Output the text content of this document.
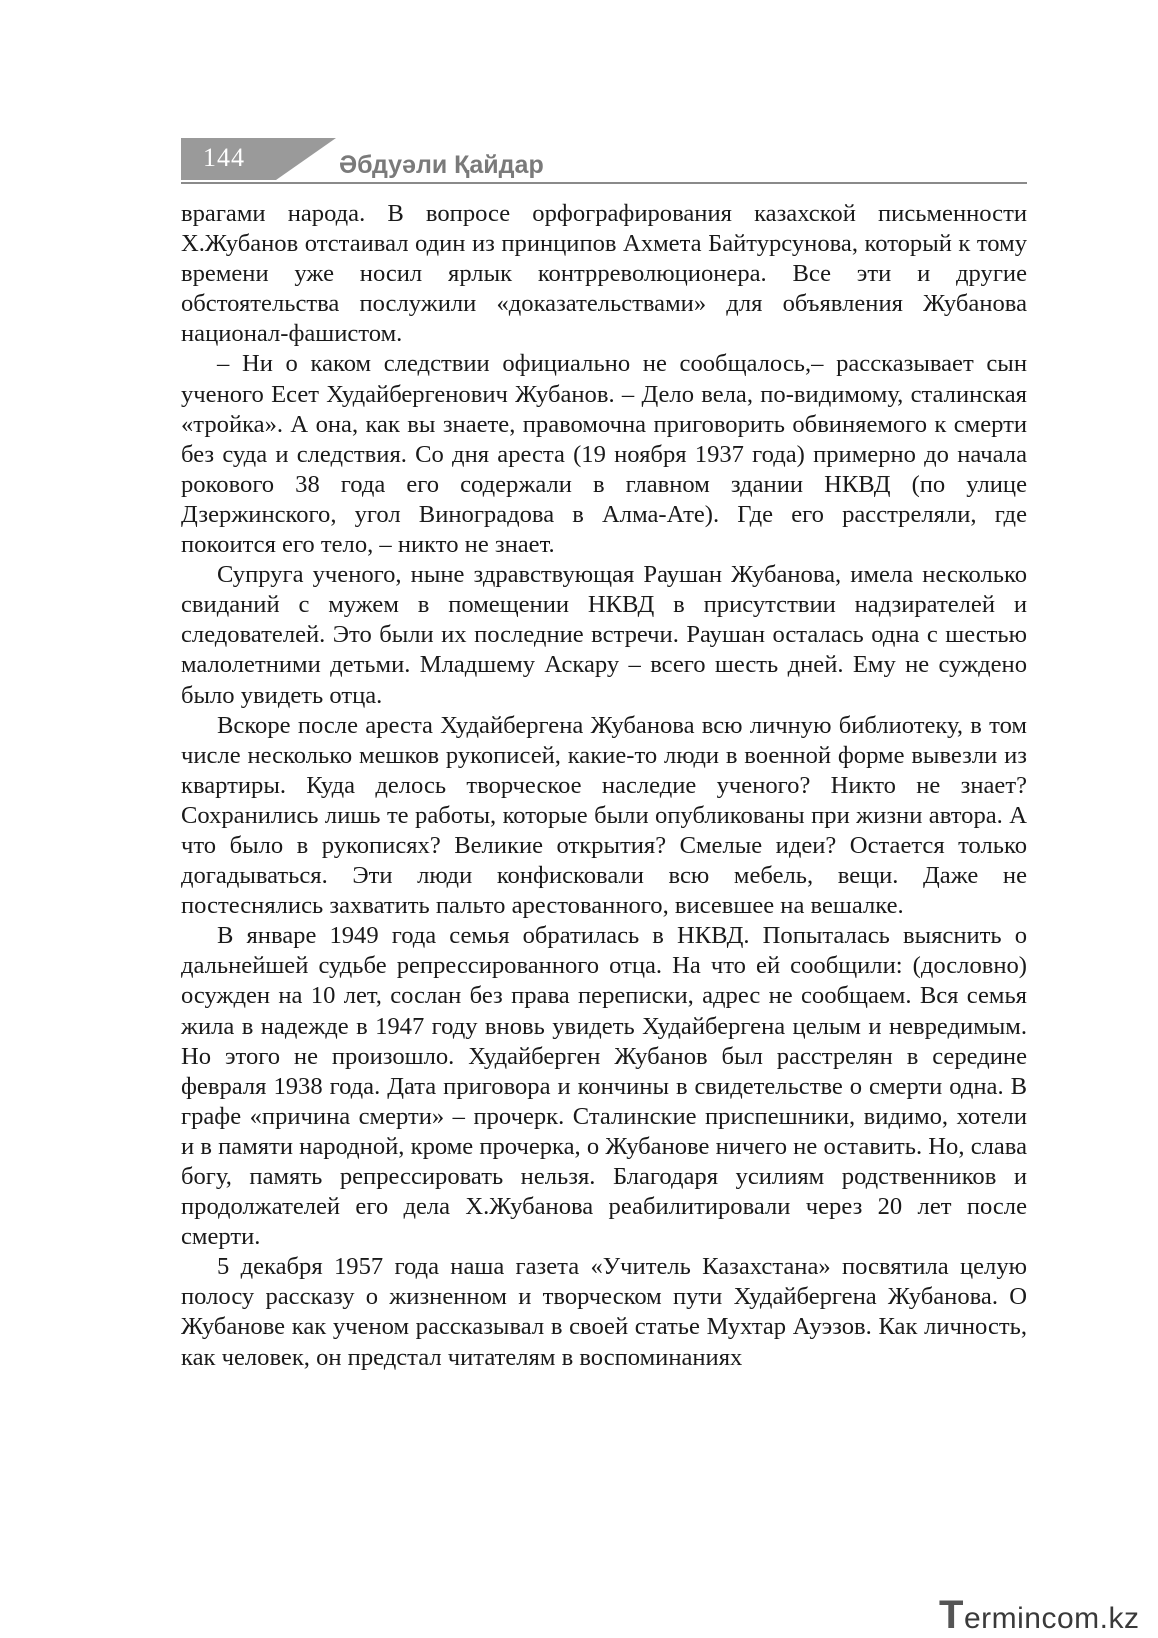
144	Әбдуәли Қайдар

врагами народа. В вопросе орфографирования казахской письменности Х.Жубанов отстаивал один из принципов Ахмета Байтурсунова, который к тому времени уже носил ярлык контрреволюционера. Все эти и другие обстоятельства послужили «доказательствами» для объявления Жубанова национал-фашистом.

– Ни о каком следствии официально не сообщалось,– рассказывает сын ученого Есет Худайбергенович Жубанов. – Дело вела, по-видимому, сталинская «тройка». А она, как вы знаете, правомочна приговорить обвиняемого к смерти без суда и следствия. Со дня ареста (19 ноября 1937 года) примерно до начала рокового 38 года его содержали в главном здании НКВД (по улице Дзержинского, угол Виноградова в Алма-Ате). Где его расстреляли, где покоится его тело, – никто не знает.

Супруга ученого, ныне здравствующая Раушан Жубанова, имела несколько свиданий с мужем в помещении НКВД в присутствии надзирателей и следователей. Это были их последние встречи. Раушан осталась одна с шестью малолетними детьми. Младшему Аскару – всего шесть дней. Ему не суждено было увидеть отца.

Вскоре после ареста Худайбергена Жубанова всю личную библиотеку, в том числе несколько мешков рукописей, какие-то люди в военной форме вывезли из квартиры. Куда делось творческое наследие ученого? Никто не знает? Сохранились лишь те работы, которые были опубликованы при жизни автора. А что было в рукописях? Великие открытия? Смелые идеи? Остается только догадываться. Эти люди конфисковали всю мебель, вещи. Даже не постеснялись захватить пальто арестованного, висевшее на вешалке.

В январе 1949 года семья обратилась в НКВД. Попыталась выяснить о дальнейшей судьбе репрессированного отца. На что ей сообщили: (дословно) осужден на 10 лет, сослан без права переписки, адрес не сообщаем. Вся семья жила в надежде в 1947 году вновь увидеть Худайбергена целым и невредимым. Но этого не произошло. Худайберген Жубанов был расстрелян в середине февраля 1938 года. Дата приговора и кончины в свидетельстве о смерти одна. В графе «причина смерти» – прочерк. Сталинские приспешники, видимо, хотели и в памяти народной, кроме прочерка, о Жубанове ничего не оставить. Но, слава богу, память репрессировать нельзя. Благодаря усилиям родственников и продолжателей его дела Х.Жубанова реабилитировали через 20 лет после смерти.

5 декабря 1957 года наша газета «Учитель Казахстана» посвятила целую полосу рассказу о жизненном и творческом пути Худайбергена Жубанова. О Жубанове как ученом рассказывал в своей статье Мухтар Ауэзов. Как личность, как человек, он предстал читателям в воспоминаниях

Termincom.kz
